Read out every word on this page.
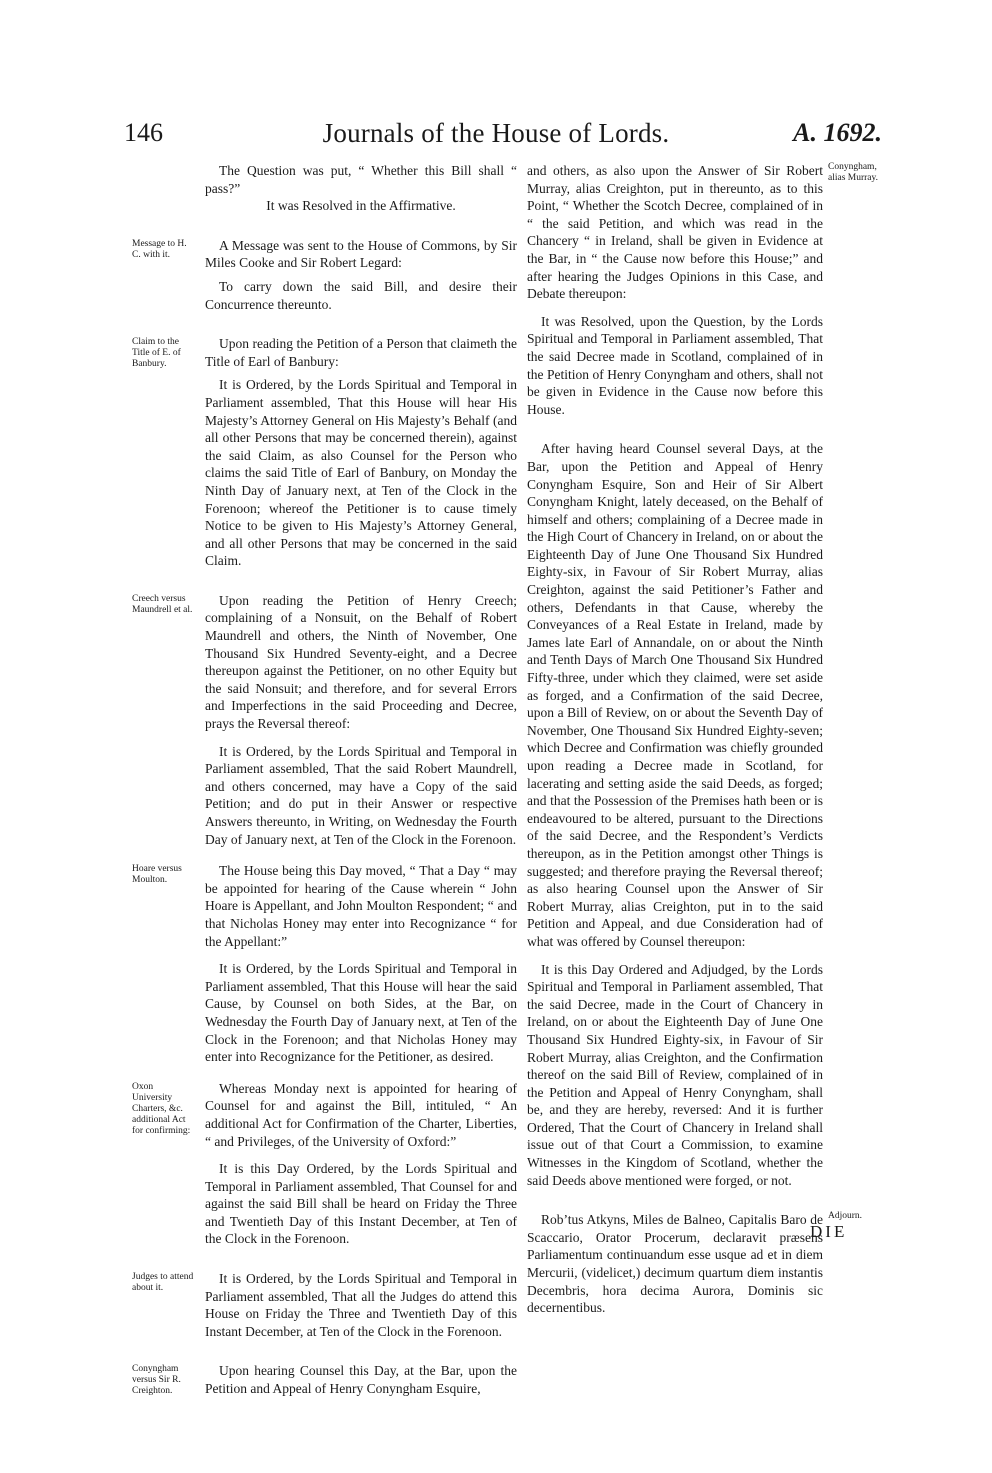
146	Journals of the House of Lords.	A. 1692.

The Question was put, “ Whether this Bill shall “ pass?”

It was Resolved in the Affirmative.

Message to H. C. with it.

A Message was sent to the House of Commons, by Sir Miles Cooke and Sir Robert Legard:

To carry down the said Bill, and desire their Concurrence thereunto.

Claim to the Title of E. of Banbury.

Upon reading the Petition of a Person that claimeth the Title of Earl of Banbury:

It is Ordered, by the Lords Spiritual and Temporal in Parliament assembled, That this House will hear His Majesty’s Attorney General on His Majesty’s Behalf (and all other Persons that may be concerned therein), against the said Claim, as also Counsel for the Person who claims the said Title of Earl of Banbury, on Monday the Ninth Day of January next, at Ten of the Clock in the Forenoon; whereof the Petitioner is to cause timely Notice to be given to His Majesty’s Attorney General, and all other Persons that may be concerned in the said Claim.

Creech versus Maundrell et al.

Upon reading the Petition of Henry Creech; complaining of a Nonsuit, on the Behalf of Robert Maundrell and others, the Ninth of November, One Thousand Six Hundred Seventy-eight, and a Decree thereupon against the Petitioner, on no other Equity but the said Nonsuit; and therefore, and for several Errors and Imperfections in the said Proceeding and Decree, prays the Reversal thereof:

It is Ordered, by the Lords Spiritual and Temporal in Parliament assembled, That the said Robert Maundrell, and others concerned, may have a Copy of the said Petition; and do put in their Answer or respective Answers thereunto, in Writing, on Wednesday the Fourth Day of January next, at Ten of the Clock in the Forenoon.

Hoare versus Moulton.

The House being this Day moved, “ That a Day “ may be appointed for hearing of the Cause wherein “ John Hoare is Appellant, and John Moulton Respondent; “ and that Nicholas Honey may enter into Recognizance “ for the Appellant:”

It is Ordered, by the Lords Spiritual and Temporal in Parliament assembled, That this House will hear the said Cause, by Counsel on both Sides, at the Bar, on Wednesday the Fourth Day of January next, at Ten of the Clock in the Forenoon; and that Nicholas Honey may enter into Recognizance for the Petitioner, as desired.

Oxon University Charters, &c. additional Act for confirming:

Whereas Monday next is appointed for hearing of Counsel for and against the Bill, intituled, “ An additional Act for Confirmation of the Charter, Liberties, “ and Privileges, of the University of Oxford:”

It is this Day Ordered, by the Lords Spiritual and Temporal in Parliament assembled, That Counsel for and against the said Bill shall be heard on Friday the Three and Twentieth Day of this Instant December, at Ten of the Clock in the Forenoon.

Judges to attend about it.

It is Ordered, by the Lords Spiritual and Temporal in Parliament assembled, That all the Judges do attend this House on Friday the Three and Twentieth Day of this Instant December, at Ten of the Clock in the Forenoon.

Conyngham versus Sir R. Creighton.

Upon hearing Counsel this Day, at the Bar, upon the Petition and Appeal of Henry Conyngham Esquire,

Conyngham, alias Murray.

and others, as also upon the Answer of Sir Robert Murray, alias Creighton, put in thereunto, as to this Point, “ Whether the Scotch Decree, complained of in “ the said Petition, and which was read in the Chancery “ in Ireland, shall be given in Evidence at the Bar, in “ the Cause now before this House;” and after hearing the Judges Opinions in this Case, and Debate thereupon:

It was Resolved, upon the Question, by the Lords Spiritual and Temporal in Parliament assembled, That the said Decree made in Scotland, complained of in the Petition of Henry Conyngham and others, shall not be given in Evidence in the Cause now before this House.

After having heard Counsel several Days, at the Bar, upon the Petition and Appeal of Henry Conyngham Esquire, Son and Heir of Sir Albert Conyngham Knight, lately deceased, on the Behalf of himself and others; complaining of a Decree made in the High Court of Chancery in Ireland, on or about the Eighteenth Day of June One Thousand Six Hundred Eighty-six, in Favour of Sir Robert Murray, alias Creighton, against the said Petitioner’s Father and others, Defendants in that Cause, whereby the Conveyances of a Real Estate in Ireland, made by James late Earl of Annandale, on or about the Ninth and Tenth Days of March One Thousand Six Hundred Fifty-three, under which they claimed, were set aside as forged, and a Confirmation of the said Decree, upon a Bill of Review, on or about the Seventh Day of November, One Thousand Six Hundred Eighty-seven; which Decree and Confirmation was chiefly grounded upon reading a Decree made in Scotland, for lacerating and setting aside the said Deeds, as forged; and that the Possession of the Premises hath been or is endeavoured to be altered, pursuant to the Directions of the said Decree, and the Respondent’s Verdicts thereupon, as in the Petition amongst other Things is suggested; and therefore praying the Reversal thereof; as also hearing Counsel upon the Answer of Sir Robert Murray, alias Creighton, put in to the said Petition and Appeal, and due Consideration had of what was offered by Counsel thereupon:

It is this Day Ordered and Adjudged, by the Lords Spiritual and Temporal in Parliament assembled, That the said Decree, made in the Court of Chancery in Ireland, on or about the Eighteenth Day of June One Thousand Six Hundred Eighty-six, in Favour of Sir Robert Murray, alias Creighton, and the Confirmation thereof on the said Bill of Review, complained of in the Petition and Appeal of Henry Conyngham, shall be, and they are hereby, reversed: And it is further Ordered, That the Court of Chancery in Ireland shall issue out of that Court a Commission, to examine Witnesses in the Kingdom of Scotland, whether the said Deeds above mentioned were forged, or not.

Adjourn.

Rob’tus Atkyns, Miles de Balneo, Capitalis Baro de Scaccario, Orator Procerum, declaravit præsens Parliamentum continuandum esse usque ad et in diem Mercurii, (videlicet,) decimum quartum diem instantis Decembris, hora decima Aurora, Dominis sic decernentibus.

DIE
